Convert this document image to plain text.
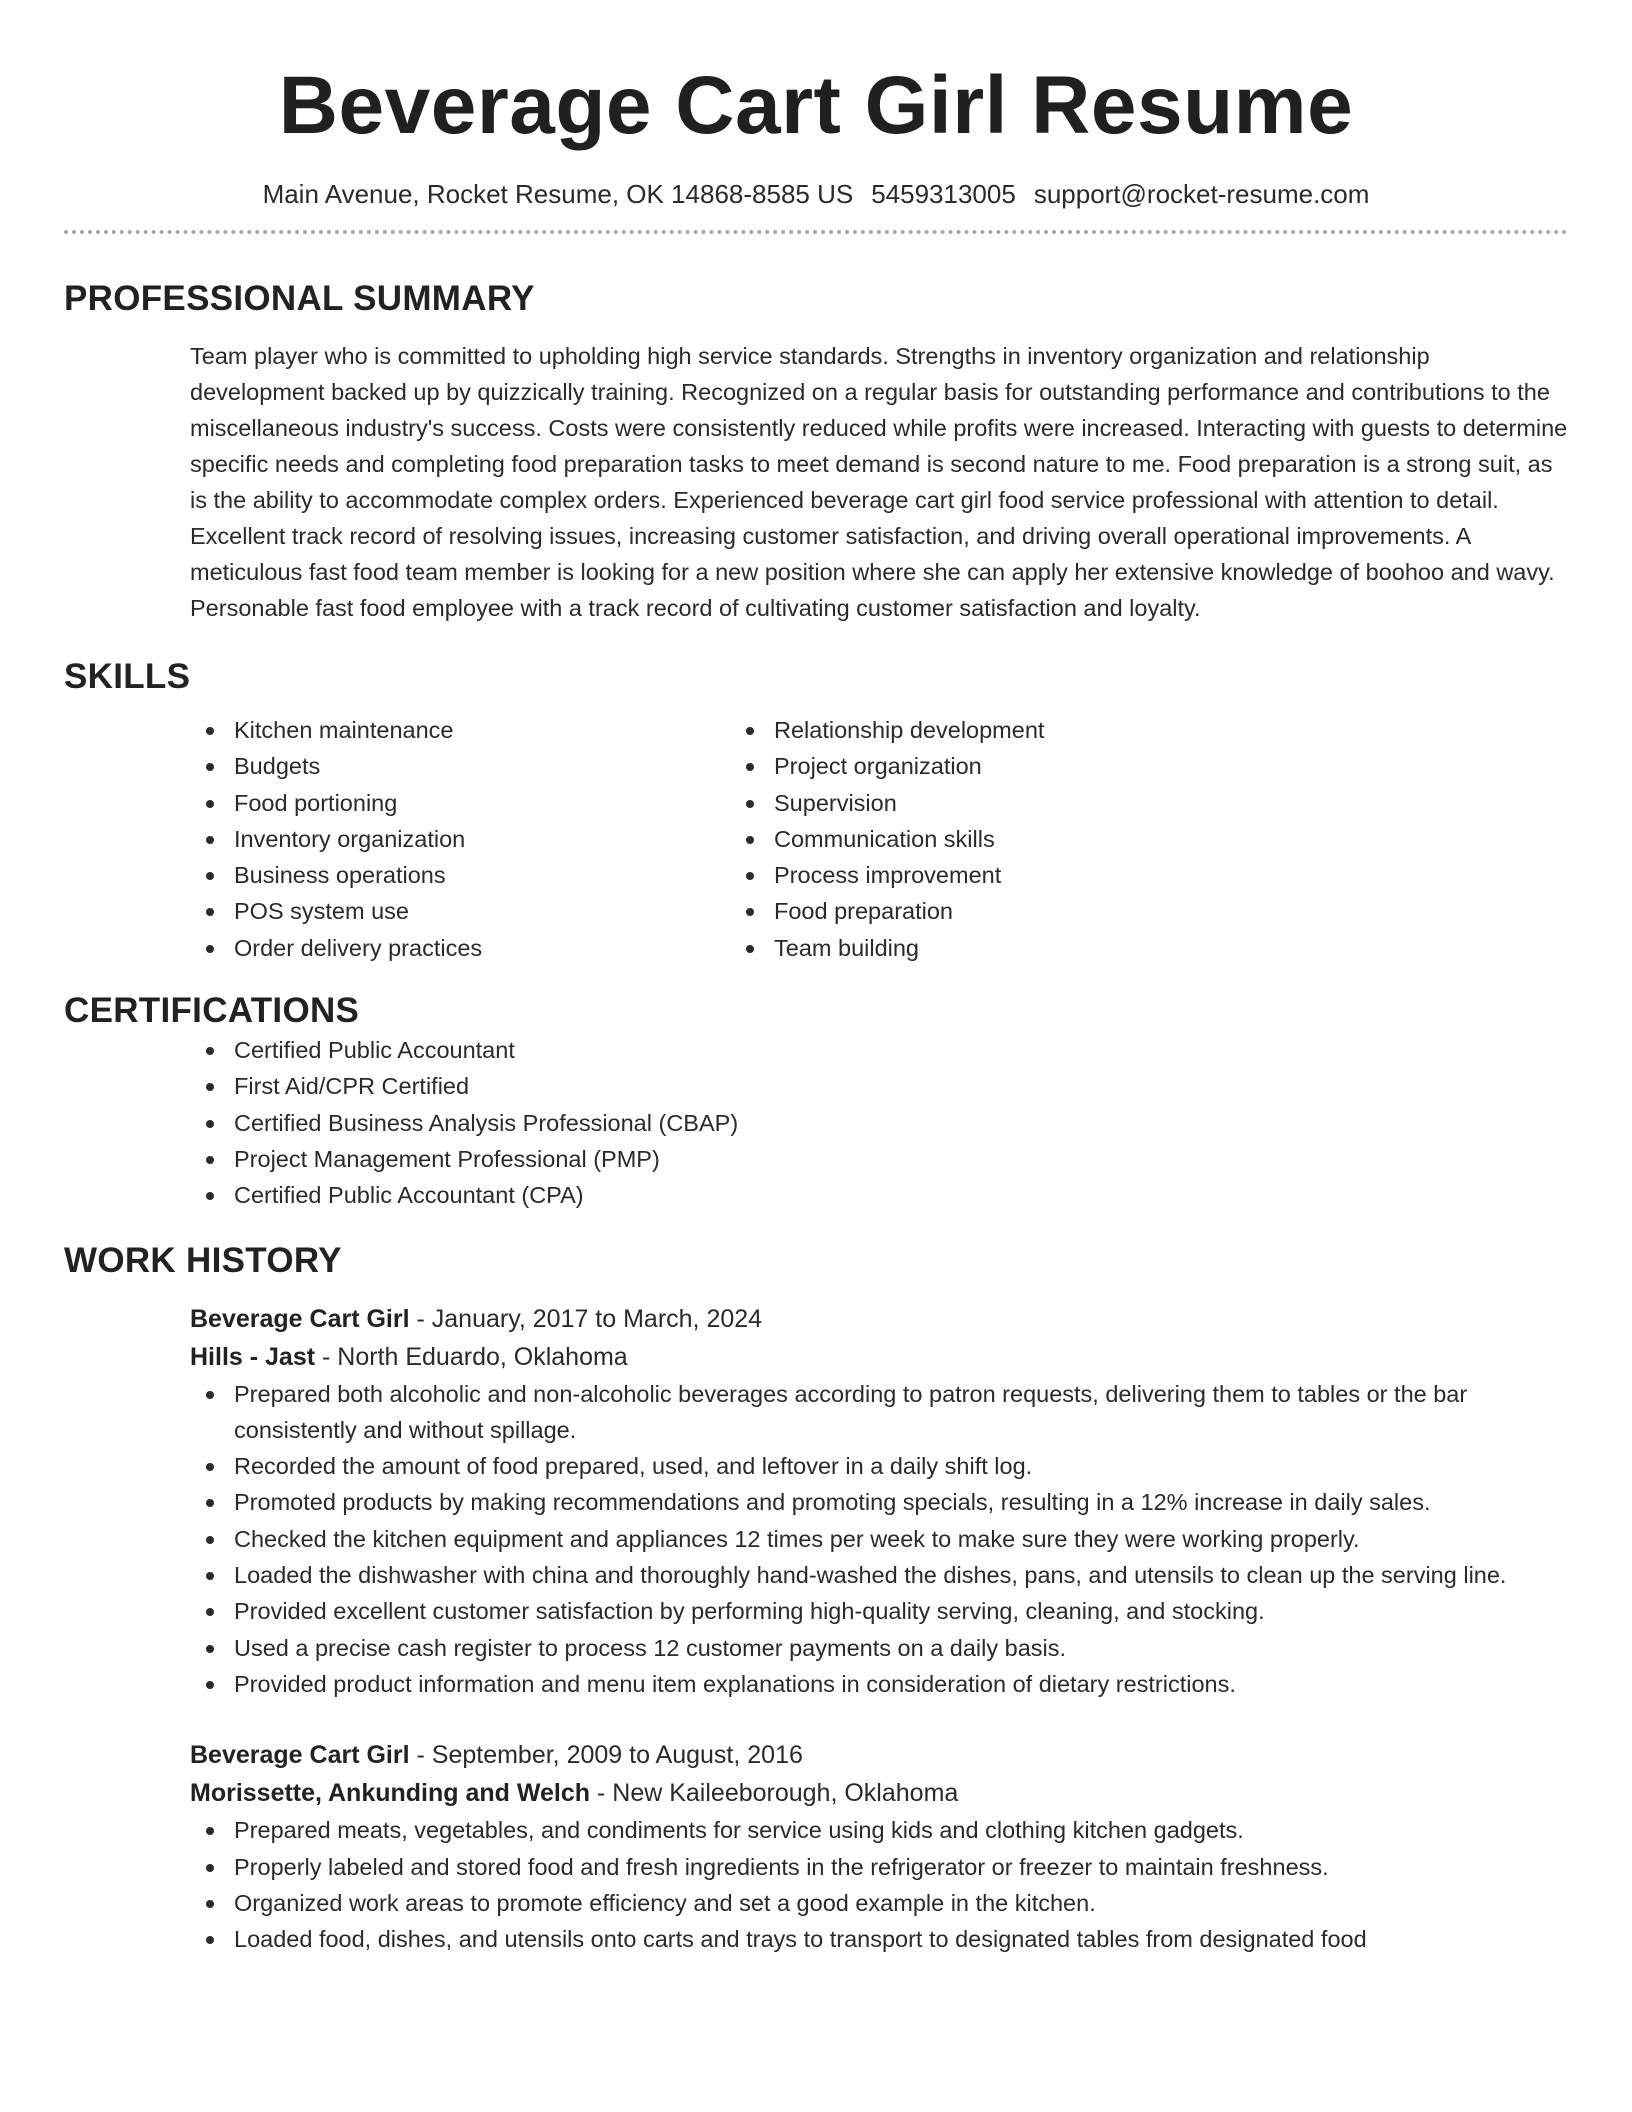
Beverage Cart Girl Resume
Main Avenue, Rocket Resume, OK 14868-8585 US 5459313005 support@rocket-resume.com
PROFESSIONAL SUMMARY

Team player who is committed to upholding high service standards. Strengths in inventory organization and relationship development backed up by quizzically training. Recognized on a regular basis for outstanding performance and contributions to the miscellaneous industry's success. Costs were consistently reduced while profits were increased. Interacting with guests to determine specific needs and completing food preparation tasks to meet demand is second nature to me. Food preparation is a strong suit, as is the ability to accommodate complex orders. Experienced beverage cart girl food service professional with attention to detail. Excellent track record of resolving issues, increasing customer satisfaction, and driving overall operational improvements. A meticulous fast food team member is looking for a new position where she can apply her extensive knowledge of boohoo and wavy. Personable fast food employee with a track record of cultivating customer satisfaction and loyalty.

SKILLS
Kitchen maintenance
Budgets
Food portioning
Inventory organization
Business operations
POS system use
Order delivery practices
Relationship development
Project organization
Supervision
Communication skills
Process improvement
Food preparation
Team building
CERTIFICATIONS
Certified Public Accountant
First Aid/CPR Certified
Certified Business Analysis Professional (CBAP)
Project Management Professional (PMP)
Certified Public Accountant (CPA)
WORK HISTORY
Beverage Cart Girl - January, 2017 to March, 2024
Hills - Jast - North Eduardo, Oklahoma
Prepared both alcoholic and non-alcoholic beverages according to patron requests, delivering them to tables or the bar consistently and without spillage.
Recorded the amount of food prepared, used, and leftover in a daily shift log.
Promoted products by making recommendations and promoting specials, resulting in a 12% increase in daily sales.
Checked the kitchen equipment and appliances 12 times per week to make sure they were working properly.
Loaded the dishwasher with china and thoroughly hand-washed the dishes, pans, and utensils to clean up the serving line.
Provided excellent customer satisfaction by performing high-quality serving, cleaning, and stocking.
Used a precise cash register to process 12 customer payments on a daily basis.
Provided product information and menu item explanations in consideration of dietary restrictions.
Beverage Cart Girl - September, 2009 to August, 2016
Morissette, Ankunding and Welch - New Kaileeborough, Oklahoma
Prepared meats, vegetables, and condiments for service using kids and clothing kitchen gadgets.
Properly labeled and stored food and fresh ingredients in the refrigerator or freezer to maintain freshness.
Organized work areas to promote efficiency and set a good example in the kitchen.
Loaded food, dishes, and utensils onto carts and trays to transport to designated tables from designated food
